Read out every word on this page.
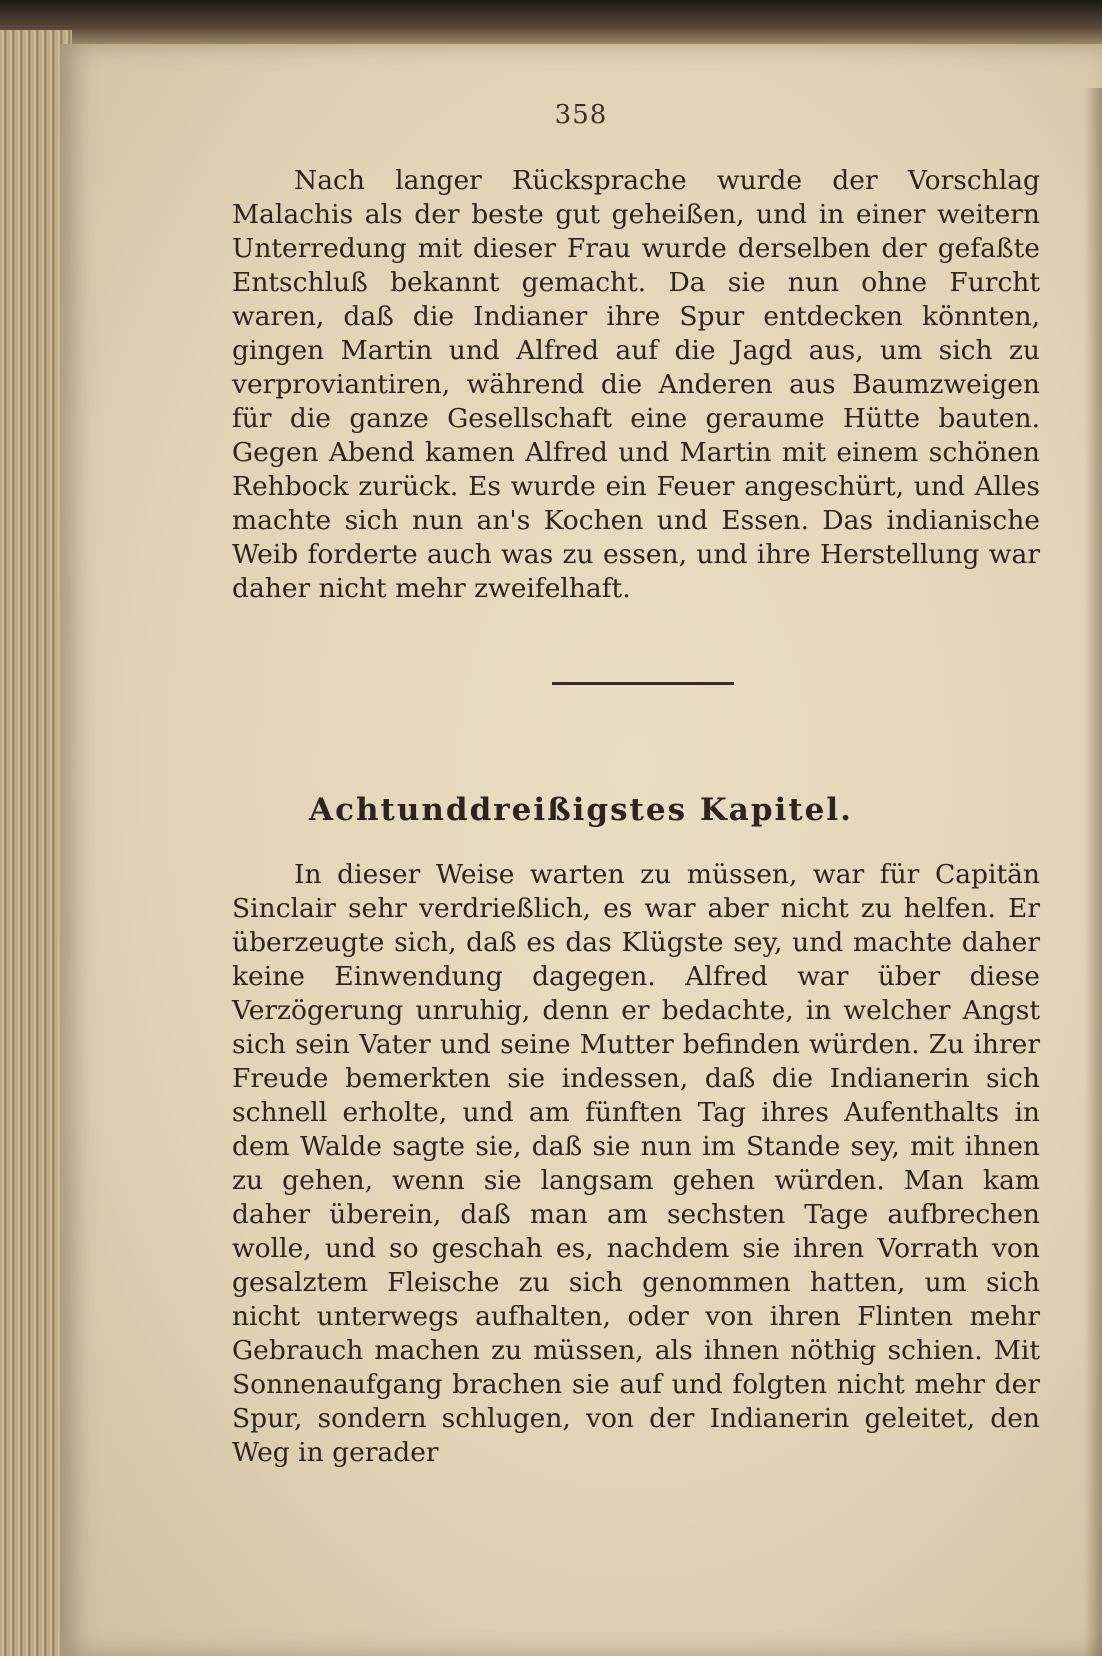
358

Nach langer Rücksprache wurde der Vorschlag Malachis als der beste gut geheißen, und in einer weitern Unterredung mit dieser Frau wurde derselben der gefaßte Entschluß bekannt gemacht. Da sie nun ohne Furcht waren, daß die Indianer ihre Spur entdecken könnten, gingen Martin und Alfred auf die Jagd aus, um sich zu verproviantiren, während die Anderen aus Baumzweigen für die ganze Gesellschaft eine geraume Hütte bauten. Gegen Abend kamen Alfred und Martin mit einem schönen Rehbock zurück. Es wurde ein Feuer angeschürt, und Alles machte sich nun an's Kochen und Essen. Das indianische Weib forderte auch was zu essen, und ihre Herstellung war daher nicht mehr zweifelhaft.

Achtunddreißigstes Kapitel.

In dieser Weise warten zu müssen, war für Capitän Sinclair sehr verdrießlich, es war aber nicht zu helfen. Er überzeugte sich, daß es das Klügste sey, und machte daher keine Einwendung dagegen. Alfred war über diese Verzögerung unruhig, denn er bedachte, in welcher Angst sich sein Vater und seine Mutter befinden würden. Zu ihrer Freude bemerkten sie indessen, daß die Indianerin sich schnell erholte, und am fünften Tag ihres Aufenthalts in dem Walde sagte sie, daß sie nun im Stande sey, mit ihnen zu gehen, wenn sie langsam gehen würden. Man kam daher überein, daß man am sechsten Tage aufbrechen wolle, und so geschah es, nachdem sie ihren Vorrath von gesalztem Fleische zu sich genommen hatten, um sich nicht unterwegs aufhalten, oder von ihren Flinten mehr Gebrauch machen zu müssen, als ihnen nöthig schien. Mit Sonnenaufgang brachen sie auf und folgten nicht mehr der Spur, sondern schlugen, von der Indianerin geleitet, den Weg in gerader
